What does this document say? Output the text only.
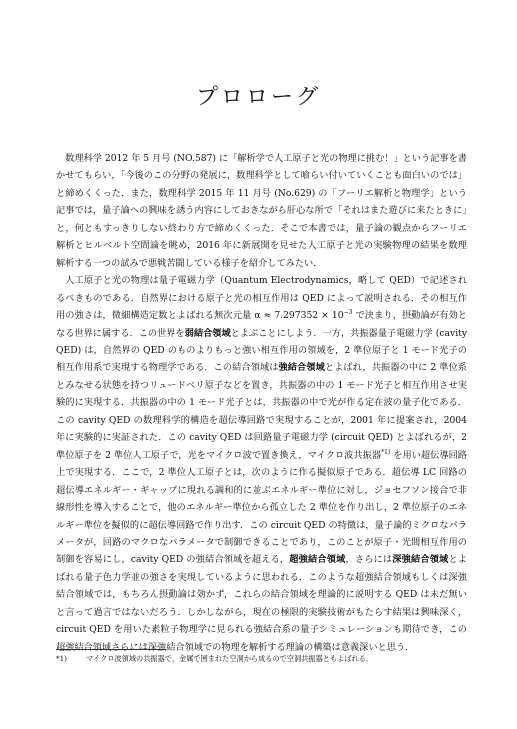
プロローグ

数理科学 2012 年 5 月号 (NO.587) に「解析学で人工原子と光の物理に挑む！」という記事を書かせてもらい，「今後のこの分野の発展に，数理科学として喰らい付いていくことも面白いのでは」と締めくくった．また，数理科学 2015 年 11 月号 (No.629) の「フーリエ解析と物理学」という記事では，量子論への興味を誘う内容にしておきながら肝心な所で「それはまた遊びに来たときに」と，何ともすっきりしない終わり方で締めくくった．そこで本書では，量子論の観点からフーリエ解析とヒルベルト空間論を眺め，2016 年に新展開を見せた人工原子と光の実験物理の結果を数理解析する一つの試みで悪戦苦闘している様子を紹介してみたい．

人工原子と光の物理は量子電磁力学（Quantum Electrodynamics，略して QED）で記述されるべきものである．自然界における原子と光の相互作用は QED によって説明される．その相互作用の強さは，微細構造定数とよばれる無次元量 $\alpha \approx 7.297352 \times 10^{-3}$ で決まり，摂動論が有効となる世界に属する．この世界を弱結合領域とよぶことにしよう．一方，共振器量子電磁力学 (cavity QED) は，自然界の QED のものよりもっと強い相互作用の領域を，2 準位原子と 1 モード光子の相互作用系で実現する物理学である．この結合領域は強結合領域とよばれ，共振器の中に 2 準位系とみなせる状態を持つリュードベリ原子などを置き，共振器の中の 1 モード光子と相互作用させ実験的に実現する．共振器の中の 1 モード光子とは，共振器の中で光が作る定在波の量子化である．この cavity QED の数理科学的構造を超伝導回路で実現することが，2001 年に提案され，2004 年に実験的に実証された．この cavity QED は回路量子電磁力学 (circuit QED) とよばれるが，2 準位原子を 2 準位人工原子で，光をマイクロ波で置き換え，マイクロ波共振器$^{*1)}$ を用い超伝導回路上で実現する．ここで，2 準位人工原子とは，次のように作る擬似原子である．超伝導 LC 回路の超伝導エネルギー・ギャップに現れる調和的に並ぶエネルギー準位に対し，ジョセフソン接合で非線形性を導入することで，他のエネルギー準位から孤立した 2 準位を作り出し，2 準位原子のエネルギー準位を擬似的に超伝導回路で作り出す．この circuit QED の特徴は，量子論的ミクロなパラメータが，回路のマクロなパラメータで制御できることであり，このことが原子・光間相互作用の制御を容易にし，cavity QED の強結合領域を超える，超強結合領域，さらには深強結合領域とよばれる量子色力学並の強さを実現しているように思われる．このような超強結合領域もしくは深強結合領域では，もちろん摂動論は効かず，これらの結合領域を理論的に説明する QED は未だ無いと言って過言ではないだろう．しかしながら，現在の極限的実験技術がもたらす結果は興味深く，circuit QED を用いた素粒子物理学に見られる強結合系の量子シミュレーションも期待でき，この超強結合領域さらには深強結合領域での物理を解析する理論の構築は意義深いと思う．

*1)	マイクロ波領域の共振器で，金属で囲まれた空洞から成るので空洞共振器ともよばれる．
